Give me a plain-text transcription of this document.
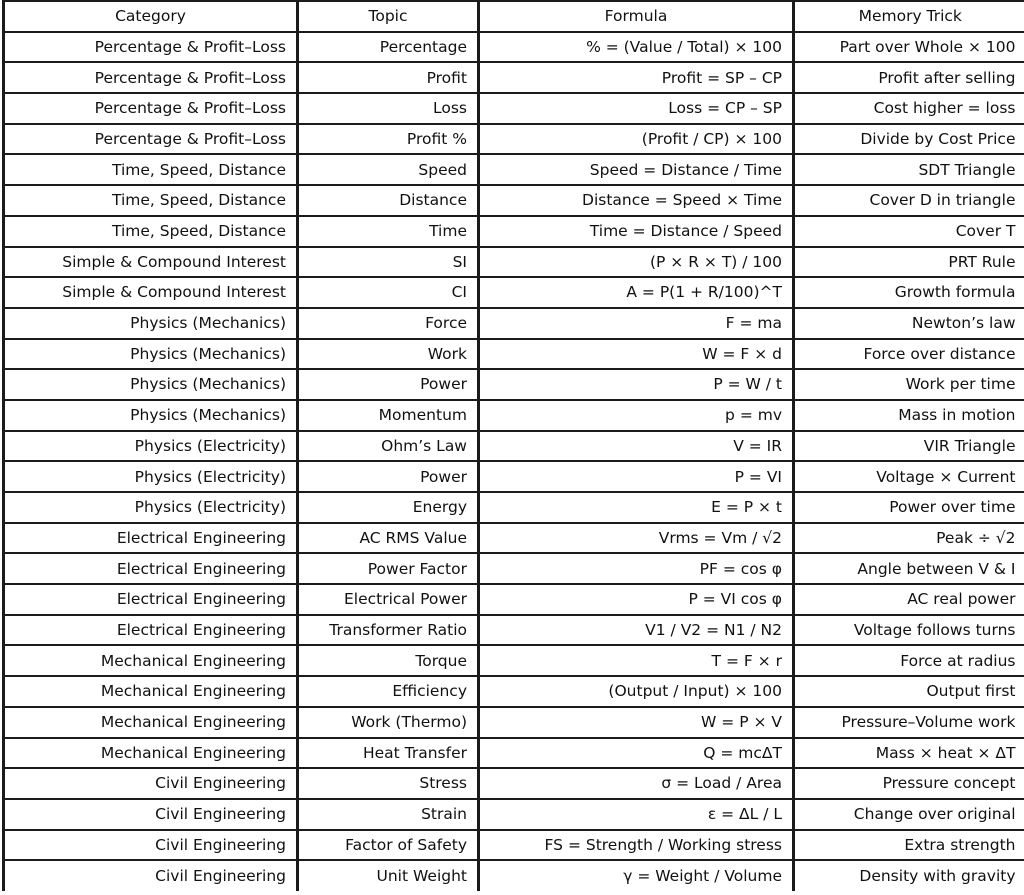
Category	Topic	Formula	Memory Trick
Percentage & Profit–Loss	Percentage	% = (Value / Total) × 100	Part over Whole × 100
Percentage & Profit–Loss	Profit	Profit = SP – CP	Profit after selling
Percentage & Profit–Loss	Loss	Loss = CP – SP	Cost higher = loss
Percentage & Profit–Loss	Profit %	(Profit / CP) × 100	Divide by Cost Price
Time, Speed, Distance	Speed	Speed = Distance / Time	SDT Triangle
Time, Speed, Distance	Distance	Distance = Speed × Time	Cover D in triangle
Time, Speed, Distance	Time	Time = Distance / Speed	Cover T
Simple & Compound Interest	SI	(P × R × T) / 100	PRT Rule
Simple & Compound Interest	CI	A = P(1 + R/100)^T	Growth formula
Physics (Mechanics)	Force	F = ma	Newton’s law
Physics (Mechanics)	Work	W = F × d	Force over distance
Physics (Mechanics)	Power	P = W / t	Work per time
Physics (Mechanics)	Momentum	p = mv	Mass in motion
Physics (Electricity)	Ohm’s Law	V = IR	VIR Triangle
Physics (Electricity)	Power	P = VI	Voltage × Current
Physics (Electricity)	Energy	E = P × t	Power over time
Electrical Engineering	AC RMS Value	Vrms = Vm / √2	Peak ÷ √2
Electrical Engineering	Power Factor	PF = cos φ	Angle between V & I
Electrical Engineering	Electrical Power	P = VI cos φ	AC real power
Electrical Engineering	Transformer Ratio	V1 / V2 = N1 / N2	Voltage follows turns
Mechanical Engineering	Torque	T = F × r	Force at radius
Mechanical Engineering	Efficiency	(Output / Input) × 100	Output first
Mechanical Engineering	Work (Thermo)	W = P × V	Pressure–Volume work
Mechanical Engineering	Heat Transfer	Q = mcΔT	Mass × heat × ΔT
Civil Engineering	Stress	σ = Load / Area	Pressure concept
Civil Engineering	Strain	ε = ΔL / L	Change over original
Civil Engineering	Factor of Safety	FS = Strength / Working stress	Extra strength
Civil Engineering	Unit Weight	γ = Weight / Volume	Density with gravity
